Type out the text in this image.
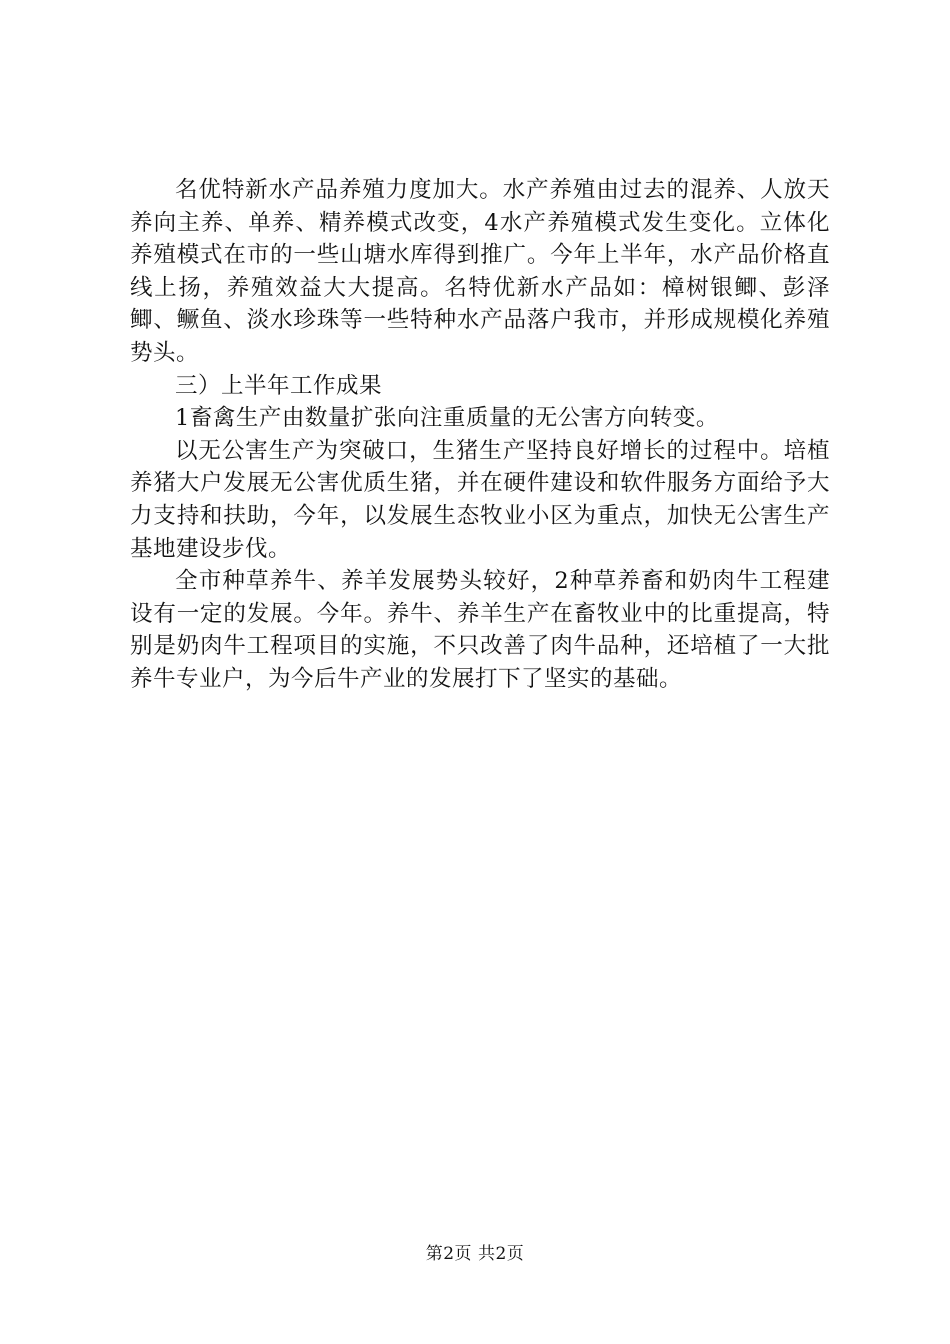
名优特新水产品养殖力度加大。水产养殖由过去的混养、人放天养向主养、单养、精养模式改变，4水产养殖模式发生变化。立体化养殖模式在市的一些山塘水库得到推广。今年上半年，水产品价格直线上扬，养殖效益大大提高。名特优新水产品如：樟树银鲫、彭泽鲫、鳜鱼、淡水珍珠等一些特种水产品落户我市，并形成规模化养殖势头。

三）上半年工作成果

1畜禽生产由数量扩张向注重质量的无公害方向转变。

以无公害生产为突破口，生猪生产坚持良好增长的过程中。培植养猪大户发展无公害优质生猪，并在硬件建设和软件服务方面给予大力支持和扶助，今年，以发展生态牧业小区为重点，加快无公害生产基地建设步伐。

全市种草养牛、养羊发展势头较好，2种草养畜和奶肉牛工程建设有一定的发展。今年。养牛、养羊生产在畜牧业中的比重提高，特别是奶肉牛工程项目的实施，不只改善了肉牛品种，还培植了一大批养牛专业户，为今后牛产业的发展打下了坚实的基础。

第2页 共2页
